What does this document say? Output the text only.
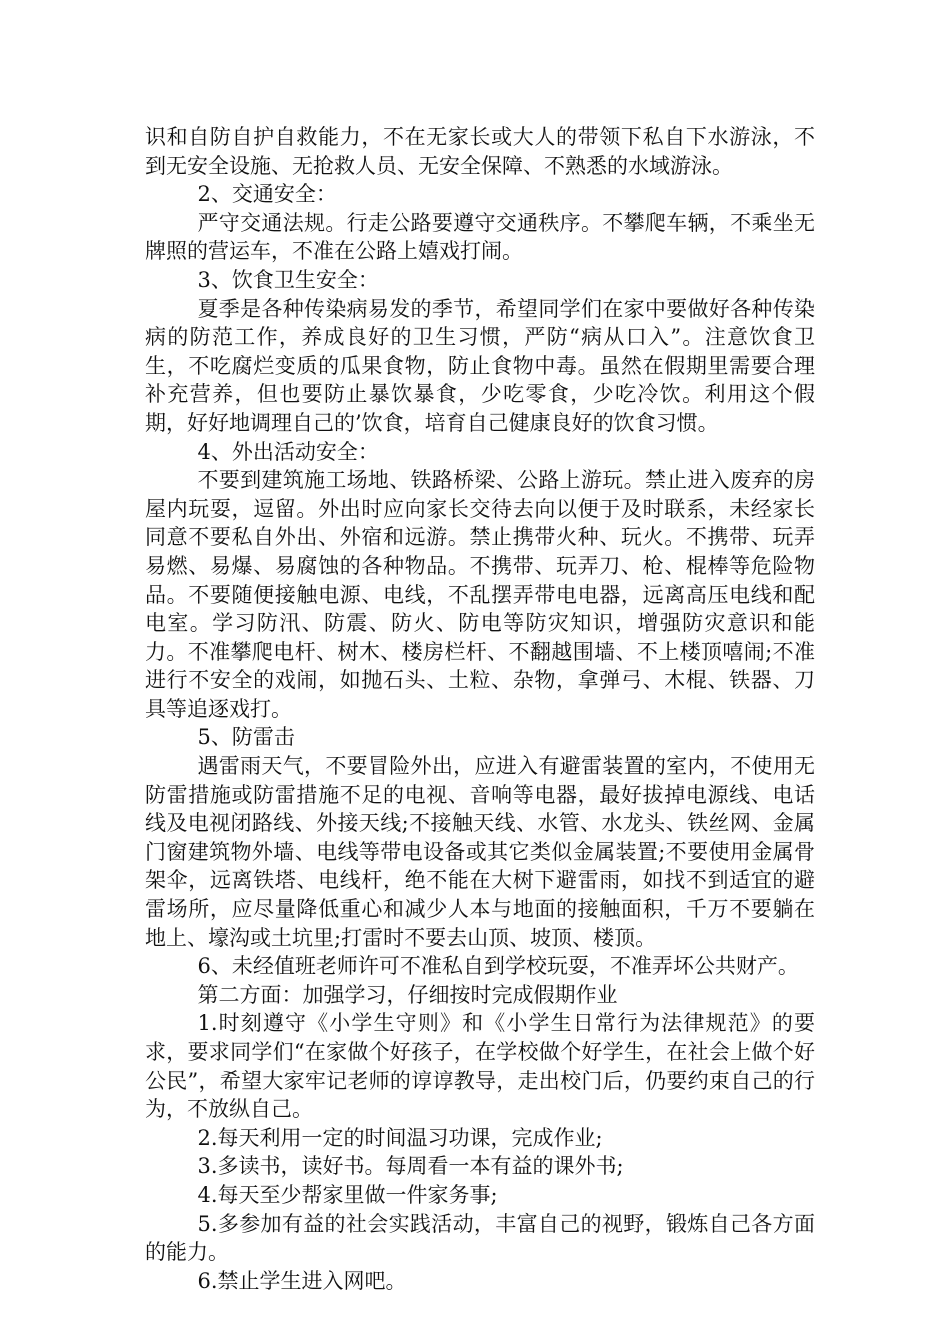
识和自防自护自救能力，不在无家长或大人的带领下私自下水游泳，不到无安全设施、无抢救人员、无安全保障、不熟悉的水域游泳。

2、交通安全：

严守交通法规。行走公路要遵守交通秩序。不攀爬车辆，不乘坐无牌照的营运车，不准在公路上嬉戏打闹。

3、饮食卫生安全：

夏季是各种传染病易发的季节，希望同学们在家中要做好各种传染病的防范工作，养成良好的卫生习惯，严防“病从口入”。注意饮食卫生，不吃腐烂变质的瓜果食物，防止食物中毒。虽然在假期里需要合理补充营养，但也要防止暴饮暴食，少吃零食，少吃冷饮。利用这个假期，好好地调理自己的’饮食，培育自己健康良好的饮食习惯。

4、外出活动安全：

不要到建筑施工场地、铁路桥梁、公路上游玩。禁止进入废弃的房屋内玩耍，逗留。外出时应向家长交待去向以便于及时联系，未经家长同意不要私自外出、外宿和远游。禁止携带火种、玩火。不携带、玩弄易燃、易爆、易腐蚀的各种物品。不携带、玩弄刀、枪、棍棒等危险物品。不要随便接触电源、电线，不乱摆弄带电电器，远离高压电线和配电室。学习防汛、防震、防火、防电等防灾知识，增强防灾意识和能力。不准攀爬电杆、树木、楼房栏杆、不翻越围墙、不上楼顶嘻闹;不准进行不安全的戏闹，如抛石头、土粒、杂物，拿弹弓、木棍、铁器、刀具等追逐戏打。

5、防雷击

遇雷雨天气，不要冒险外出，应进入有避雷装置的室内，不使用无防雷措施或防雷措施不足的电视、音响等电器，最好拔掉电源线、电话线及电视闭路线、外接天线;不接触天线、水管、水龙头、铁丝网、金属门窗建筑物外墙、电线等带电设备或其它类似金属装置;不要使用金属骨架伞，远离铁塔、电线杆，绝不能在大树下避雷雨，如找不到适宜的避雷场所，应尽量降低重心和减少人本与地面的接触面积，千万不要躺在地上、壕沟或土坑里;打雷时不要去山顶、坡顶、楼顶。

6、未经值班老师许可不准私自到学校玩耍，不准弄坏公共财产。

第二方面：加强学习，仔细按时完成假期作业

1.时刻遵守《小学生守则》和《小学生日常行为法律规范》的要求，要求同学们“在家做个好孩子，在学校做个好学生，在社会上做个好公民”，希望大家牢记老师的谆谆教导，走出校门后，仍要约束自己的行为，不放纵自己。

2.每天利用一定的时间温习功课，完成作业;

3.多读书，读好书。每周看一本有益的课外书;

4.每天至少帮家里做一件家务事;

5.多参加有益的社会实践活动，丰富自己的视野，锻炼自己各方面的能力。

6.禁止学生进入网吧。
